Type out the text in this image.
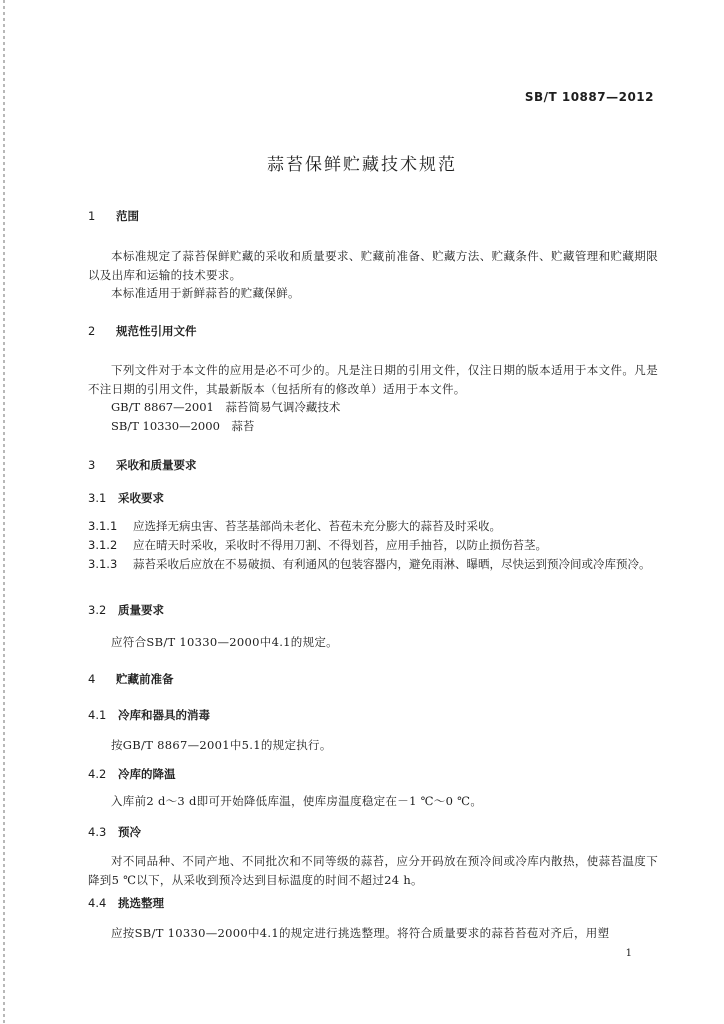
SB/T 10887—2012
蒜苔保鲜贮藏技术规范
1 范围
本标准规定了蒜苔保鲜贮藏的采收和质量要求、贮藏前准备、贮藏方法、贮藏条件、贮藏管理和贮藏期限以及出库和运输的技术要求。
本标准适用于新鲜蒜苔的贮藏保鲜。
2 规范性引用文件
下列文件对于本文件的应用是必不可少的。凡是注日期的引用文件，仅注日期的版本适用于本文件。凡是不注日期的引用文件，其最新版本（包括所有的修改单）适用于本文件。
GB/T 8867—2001　蒜苔简易气调冷藏技术
SB/T 10330—2000　蒜苔
3 采收和质量要求
3.1 采收要求
3.1.1 应选择无病虫害、苔茎基部尚未老化、苔苞未充分膨大的蒜苔及时采收。
3.1.2 应在晴天时采收，采收时不得用刀割、不得划苔，应用手抽苔，以防止损伤苔茎。
3.1.3 蒜苔采收后应放在不易破损、有利通风的包装容器内，避免雨淋、曝晒，尽快运到预冷间或冷库预冷。
3.2 质量要求
应符合SB/T 10330—2000中4.1的规定。
4 贮藏前准备
4.1 冷库和器具的消毒
按GB/T 8867—2001中5.1的规定执行。
4.2 冷库的降温
入库前2 d～3 d即可开始降低库温，使库房温度稳定在－1 ℃～0 ℃。
4.3 预冷
对不同品种、不同产地、不同批次和不同等级的蒜苔，应分开码放在预冷间或冷库内散热，使蒜苔温度下降到5 ℃以下，从采收到预冷达到目标温度的时间不超过24 h。
4.4 挑选整理
应按SB/T 10330—2000中4.1的规定进行挑选整理。将符合质量要求的蒜苔苔苞对齐后，用塑
1
